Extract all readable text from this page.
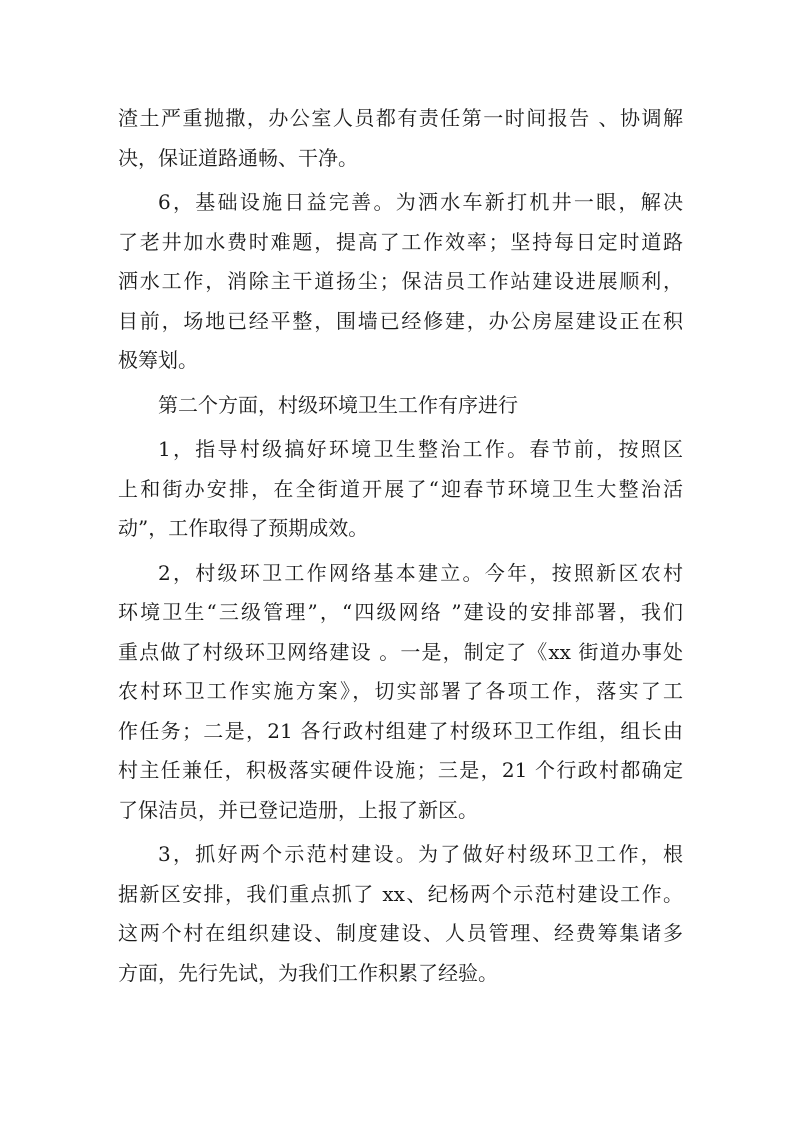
渣土严重抛撒，办公室人员都有责任第一时间报告 、协调解
决，保证道路通畅、干净。
6，基础设施日益完善。为洒水车新打机井一眼，解决
了老井加水费时难题，提高了工作效率；坚持每日定时道路
洒水工作，消除主干道扬尘；保洁员工作站建设进展顺利，
目前，场地已经平整，围墙已经修建，办公房屋建设正在积
极筹划。
第二个方面，村级环境卫生工作有序进行
1，指导村级搞好环境卫生整治工作。春节前，按照区
上和街办安排，在全街道开展了“迎春节环境卫生大整治活
动”，工作取得了预期成效。
2，村级环卫工作网络基本建立。今年，按照新区农村
环境卫生“三级管理”，“四级网络 ”建设的安排部署，我们
重点做了村级环卫网络建设 。一是，制定了《xx 街道办事处
农村环卫工作实施方案》，切实部署了各项工作，落实了工
作任务；二是，21 各行政村组建了村级环卫工作组，组长由
村主任兼任，积极落实硬件设施；三是，21 个行政村都确定
了保洁员，并已登记造册，上报了新区。
3，抓好两个示范村建设。为了做好村级环卫工作，根
据新区安排，我们重点抓了 xx、纪杨两个示范村建设工作。
这两个村在组织建设、制度建设、人员管理、经费筹集诸多
方面，先行先试，为我们工作积累了经验。
